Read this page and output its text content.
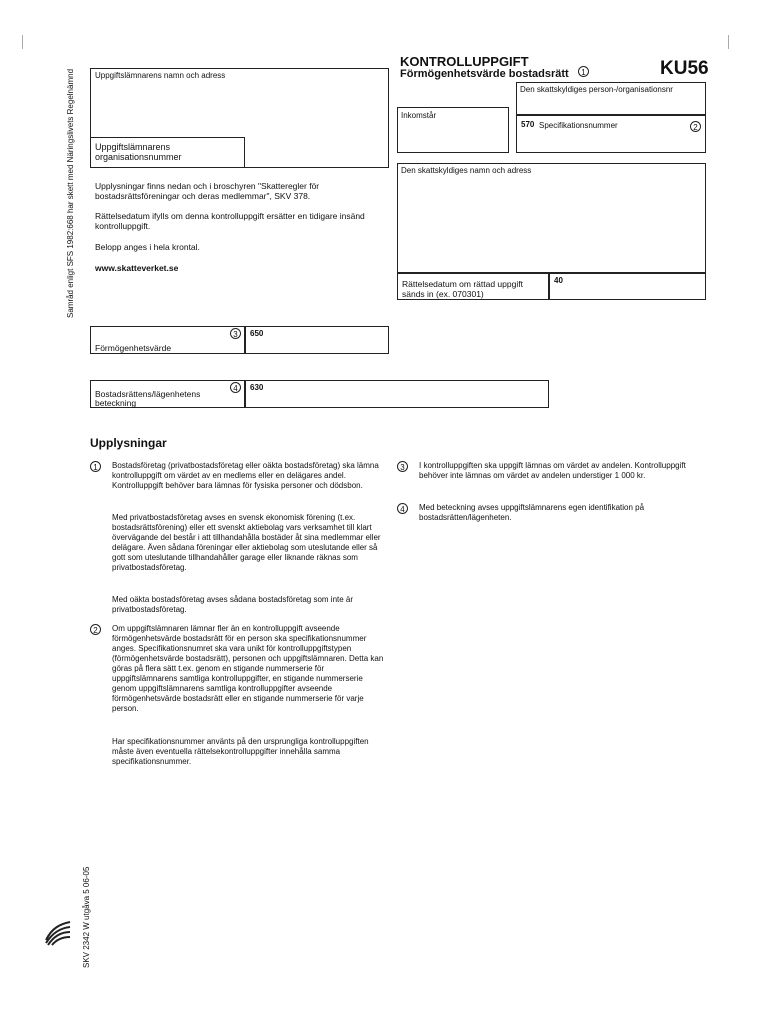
Samråd enligt SFS 1982:668 har skett med Näringslivets Regelnämnd
SKV 2342 W utgåva 5 06-05
KONTROLLUPPGIFT
Förmögenhetsvärde bostadsrätt	1	KU56
Uppgiftslämnarens namn och adress
Uppgiftslämnarens organisationsnummer
Upplysningar finns nedan och i broschyren "Skatteregler för bostadsrättsföreningar och deras medlemmar", SKV 378.
Rättelsedatum ifylls om denna kontrolluppgift ersätter en tidigare insänd kontrolluppgift.
Belopp anges i hela krontal.
www.skatteverket.se
Den skattskyldiges person-/organisationsnr
Inkomstår
570 Specifikationsnummer	2
Den skattskyldiges namn och adress
Rättelsedatum om rättad uppgift sänds in (ex. 070301)
40
Förmögenhetsvärde
3	650
Bostadsrättens/lägenhetens beteckning
4	630
Upplysningar
1	Bostadsföretag (privatbostadsföretag eller oäkta bostadsföretag) ska lämna kontrolluppgift om värdet av en medlems eller en delägares andel. Kontrolluppgift behöver bara lämnas för fysiska personer och dödsbon.
Med privatbostadsföretag avses en svensk ekonomisk förening (t.ex. bostadsrättsförening) eller ett svenskt aktiebolag vars verksamhet till klart övervägande del består i att tillhandahålla bostäder åt sina medlemmar eller delägare. Även sådana föreningar eller aktiebolag som uteslutande eller så gott som uteslutande tillhandahåller garage eller liknande räknas som privatbostadsföretag.
Med oäkta bostadsföretag avses sådana bostadsföretag som inte är privatbostadsföretag.
2	Om uppgiftslämnaren lämnar fler än en kontrolluppgift avseende förmögenhetsvärde bostadsrätt för en person ska specifikationsnummer anges. Specifikationsnumret ska vara unikt för kontrolluppgiftstypen (förmögenhetsvärde bostadsrätt), personen och uppgiftslämnaren. Detta kan göras på flera sätt t.ex. genom en stigande nummerserie för uppgiftslämnarens samtliga kontrolluppgifter, en stigande nummerserie genom uppgiftslämnarens samtliga kontrolluppgifter avseende förmögenhetsvärde bostadsrätt eller en stigande nummerserie för varje person.
Har specifikationsnummer använts på den ursprungliga kontrolluppgiften måste även eventuella rättelsekontrolluppgifter innehålla samma specifikationsnummer.
3	I kontrolluppgiften ska uppgift lämnas om värdet av andelen. Kontrolluppgift behöver inte lämnas om värdet av andelen understiger 1 000 kr.
4	Med beteckning avses uppgiftslämnarens egen identifikation på bostadsrätten/lägenheten.
